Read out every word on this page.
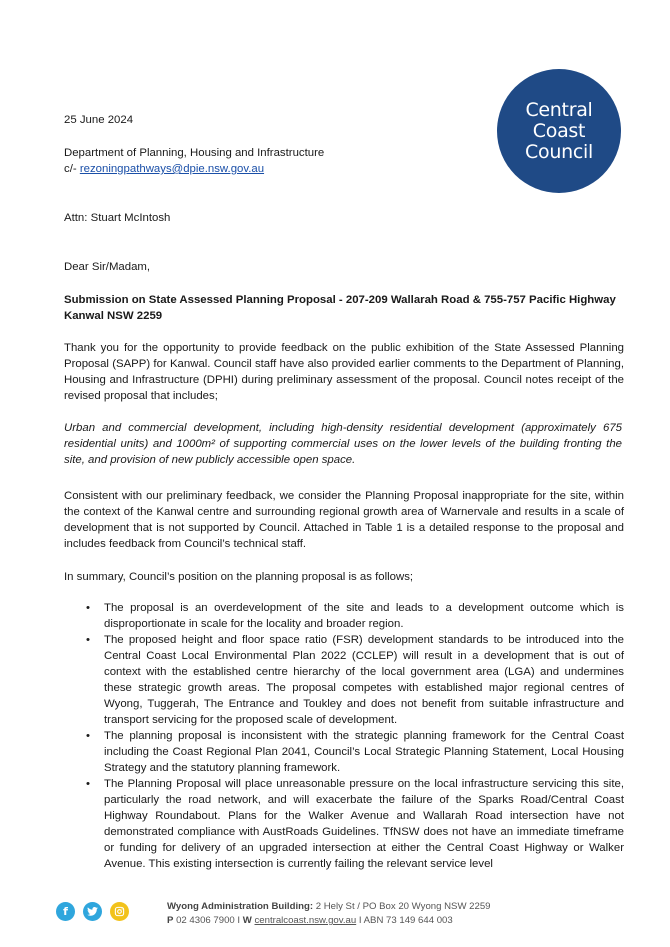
Central
Coast
Council
25 June 2024
Department of Planning, Housing and Infrastructure
c/- rezoningpathways@dpie.nsw.gov.au
Attn: Stuart McIntosh
Dear Sir/Madam,
Submission on State Assessed Planning Proposal - 207-209 Wallarah Road & 755-757 Pacific Highway Kanwal NSW 2259
Thank you for the opportunity to provide feedback on the public exhibition of the State Assessed Planning Proposal (SAPP) for Kanwal. Council staff have also provided earlier comments to the Department of Planning, Housing and Infrastructure (DPHI) during preliminary assessment of the proposal. Council notes receipt of the revised proposal that includes;
Urban and commercial development, including high-density residential development (approximately 675 residential units) and 1000m² of supporting commercial uses on the lower levels of the building fronting the site, and provision of new publicly accessible open space.
Consistent with our preliminary feedback, we consider the Planning Proposal inappropriate for the site, within the context of the Kanwal centre and surrounding regional growth area of Warnervale and results in a scale of development that is not supported by Council. Attached in Table 1 is a detailed response to the proposal and includes feedback from Council’s technical staff.
In summary, Council’s position on the planning proposal is as follows;
• The proposal is an overdevelopment of the site and leads to a development outcome which is disproportionate in scale for the locality and broader region.
• The proposed height and floor space ratio (FSR) development standards to be introduced into the Central Coast Local Environmental Plan 2022 (CCLEP) will result in a development that is out of context with the established centre hierarchy of the local government area (LGA) and undermines these strategic growth areas. The proposal competes with established major regional centres of Wyong, Tuggerah, The Entrance and Toukley and does not benefit from suitable infrastructure and transport servicing for the proposed scale of development.
• The planning proposal is inconsistent with the strategic planning framework for the Central Coast including the Coast Regional Plan 2041, Council’s Local Strategic Planning Statement, Local Housing Strategy and the statutory planning framework.
• The Planning Proposal will place unreasonable pressure on the local infrastructure servicing this site, particularly the road network, and will exacerbate the failure of the Sparks Road/Central Coast Highway Roundabout. Plans for the Walker Avenue and Wallarah Road intersection have not demonstrated compliance with AustRoads Guidelines. TfNSW does not have an immediate timeframe or funding for delivery of an upgraded intersection at either the Central Coast Highway or Walker Avenue. This existing intersection is currently failing the relevant service level
f	Wyong Administration Building: 2 Hely St / PO Box 20 Wyong NSW 2259
P 02 4306 7900 I W centralcoast.nsw.gov.au I ABN 73 149 644 003
